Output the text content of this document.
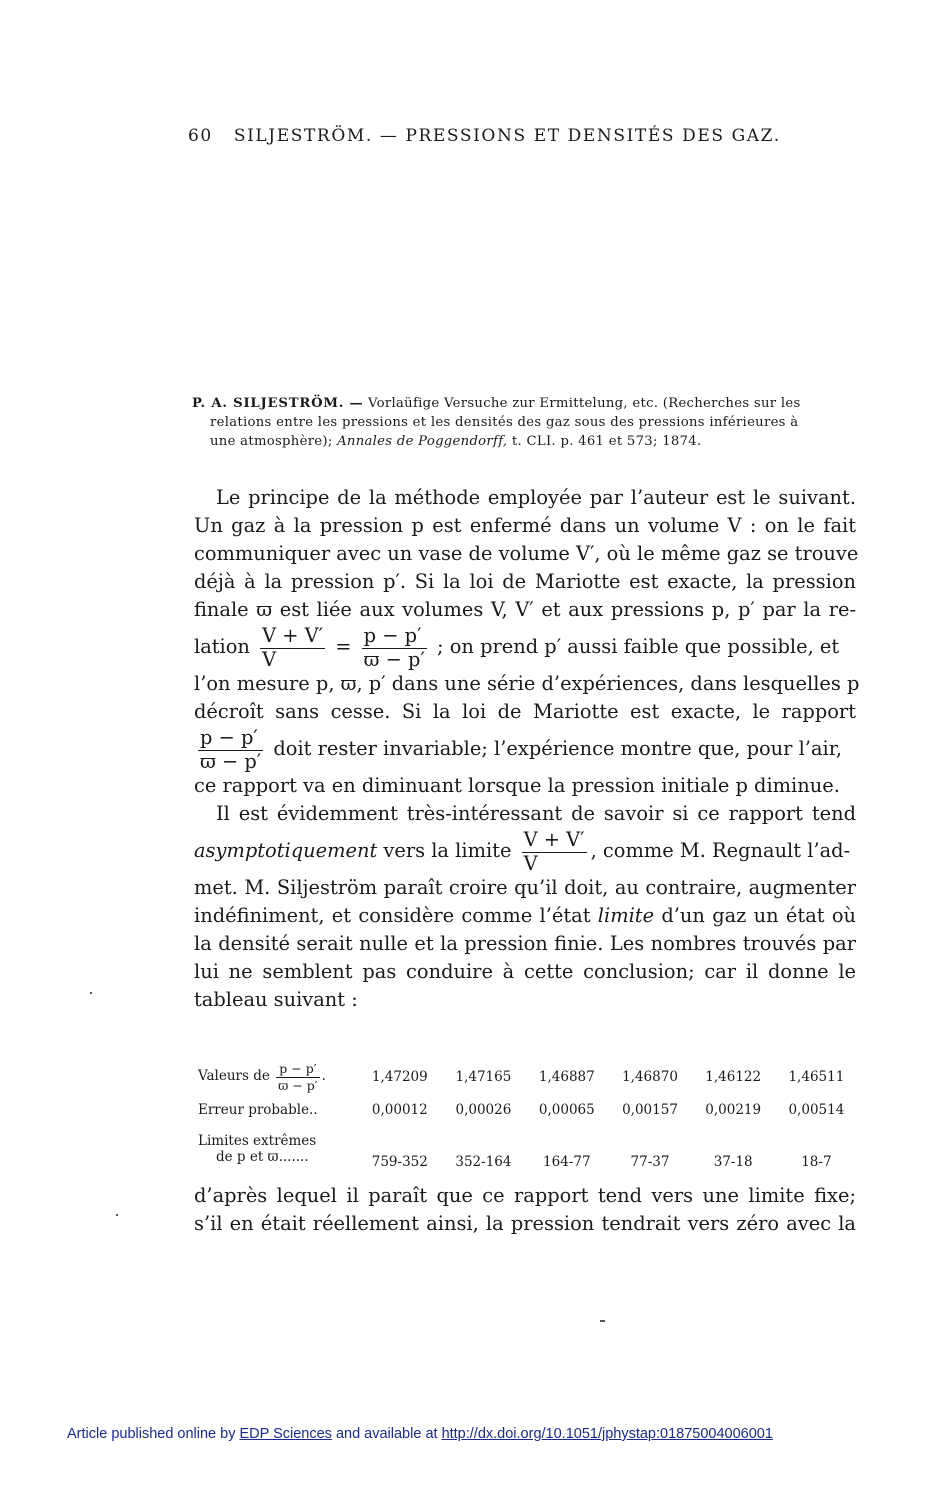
60 SILJESTRÖM. — PRESSIONS ET DENSITÉS DES GAZ.
P. A. SILJESTRÖM. — Vorlaüfige Versuche zur Ermittelung, etc. (Recherches sur les
relations entre les pressions et les densités des gaz sous des pressions inférieures à
une atmosphère); Annales de Poggendorff, t. CLI. p. 461 et 573; 1874.
Le principe de la méthode employée par l’auteur est le suivant.
Un gaz à la pression p est enfermé dans un volume V : on le fait
communiquer avec un vase de volume V′, où le même gaz se trouve
déjà à la pression p′. Si la loi de Mariotte est exacte, la pression
finale ϖ est liée aux volumes V, V′ et aux pressions p, p′ par la re-
lation $\frac{V + V'}{V} = \frac{p - p'}{ϖ - p'}$ ; on prend p′ aussi faible que possible, et
l’on mesure p, ϖ, p′ dans une série d’expériences, dans lesquelles p
décroît sans cesse. Si la loi de Mariotte est exacte, le rapport
$\frac{p - p'}{ϖ - p'}$ doit rester invariable; l’expérience montre que, pour l’air,
ce rapport va en diminuant lorsque la pression initiale p diminue.
Il est évidemment très-intéressant de savoir si ce rapport tend
asymptotiquement vers la limite $\frac{V + V'}{V}$ , comme M. Regnault l’ad-
met. M. Siljeström paraît croire qu’il doit, au contraire, augmenter
indéfiniment, et considère comme l’état limite d’un gaz un état où
la densité serait nulle et la pression finie. Les nombres trouvés par
lui ne semblent pas conduire à cette conclusion; car il donne le
tableau suivant :
Valeurs de $\frac{p - p'}{ϖ - p'}$ .	1,47209	1,47165	1,46887	1,46870	1,46122	1,46511
Erreur probable..	0,00012	0,00026	0,00065	0,00157	0,00219	0,00514

Limites extrêmes
de p et ϖ.......	759-352	352-164	164-77	77-37	37-18	18-7
d’après lequel il paraît que ce rapport tend vers une limite fixe;
s’il en était réellement ainsi, la pression tendrait vers zéro avec la
Article published online by EDP Sciences and available at http://dx.doi.org/10.1051/jphystap:01875004006001
